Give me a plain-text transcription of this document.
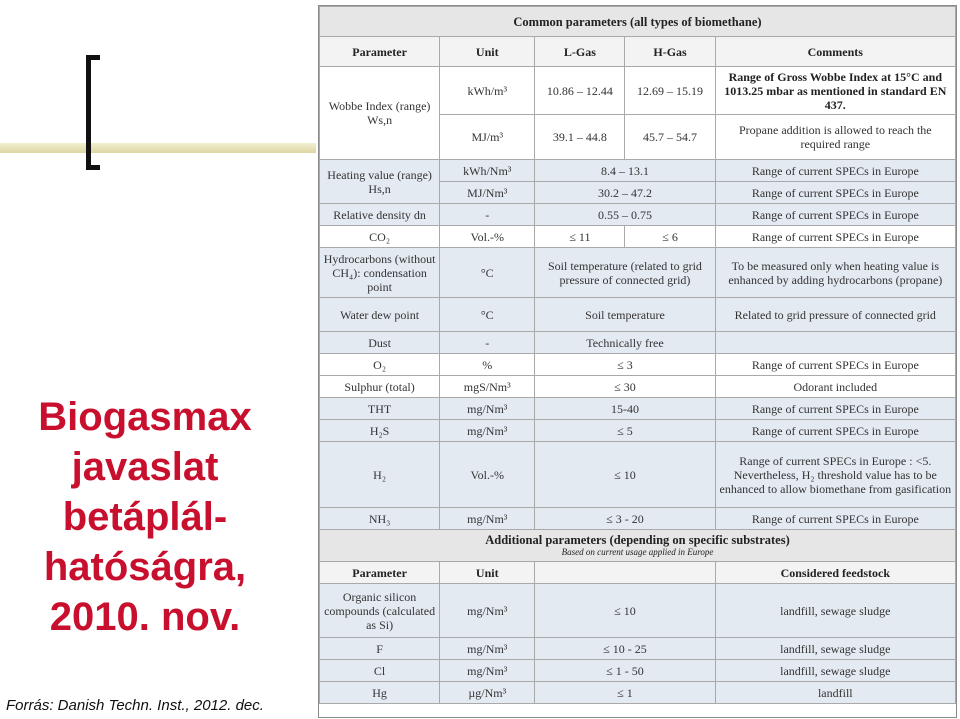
Biogasmax
javaslat
betáplál-
hatóságra,
2010. nov.
Forrás: Danish Techn. Inst., 2012. dec.
Common parameters (all types of biomethane)				
Parameter	Unit	L-Gas	H-Gas	Comments
Wobbe Index (range) Ws,n	kWh/m³	10.86 – 12.44	12.69 – 15.19	Range of Gross Wobbe Index at 15°C and 1013.25 mbar as mentioned in standard EN 437.
	MJ/m³	39.1 – 44.8	45.7 – 54.7	Propane addition is allowed to reach the required range
Heating value (range) Hs,n	kWh/Nm³	8.4 – 13.1		Range of current SPECs in Europe
	MJ/Nm³	30.2 – 47.2		Range of current SPECs in Europe
Relative density dn	-	0.55 – 0.75		Range of current SPECs in Europe
CO₂	Vol.-%	≤ 11	≤ 6	Range of current SPECs in Europe
Hydrocarbons (without CH₄): condensation point	°C	Soil temperature (related to grid pressure of connected grid)		To be measured only when heating value is enhanced by adding hydrocarbons (propane)
Water dew point	°C	Soil temperature		Related to grid pressure of connected grid
Dust	-	Technically free		
O₂	%	≤ 3		Range of current SPECs in Europe
Sulphur (total)	mgS/Nm³	≤ 30		Odorant included
THT	mg/Nm³	15-40		Range of current SPECs in Europe
H₂S	mg/Nm³	≤ 5		Range of current SPECs in Europe
H₂	Vol.-%	≤ 10		Range of current SPECs in Europe : <5. Nevertheless, H₂ threshold value has to be enhanced to allow biomethane from gasification
NH₃	mg/Nm³	≤ 3 - 20		Range of current SPECs in Europe
Additional parameters (depending on specific substrates)
Based on current usage applied in Europe				

Parameter	Unit			Considered feedstock
Organic silicon compounds (calculated as Si)	mg/Nm³	≤ 10		landfill, sewage sludge
F	mg/Nm³	≤ 10 - 25		landfill, sewage sludge
Cl	mg/Nm³	≤ 1 - 50		landfill, sewage sludge
Hg	µg/Nm³	≤ 1		landfill
